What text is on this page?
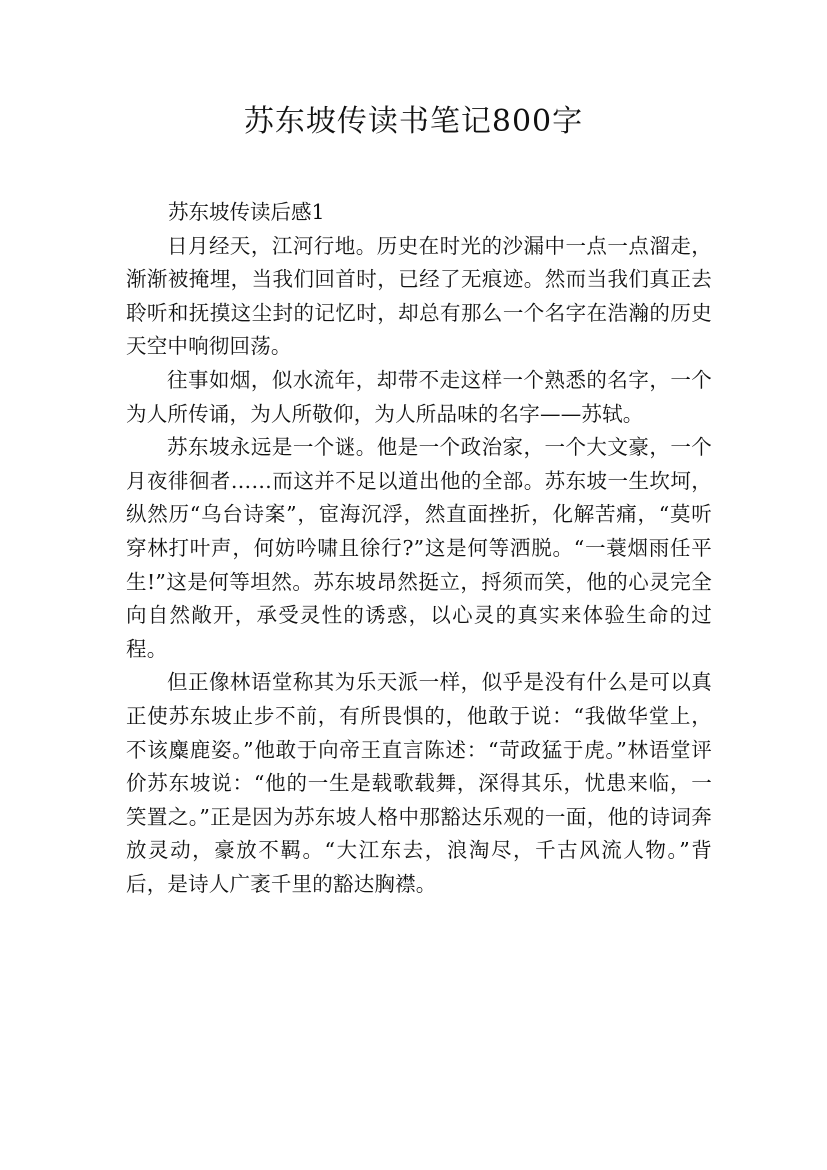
苏东坡传读书笔记800字

苏东坡传读后感1

日月经天，江河行地。历史在时光的沙漏中一点一点溜走，渐渐被掩埋，当我们回首时，已经了无痕迹。然而当我们真正去聆听和抚摸这尘封的记忆时，却总有那么一个名字在浩瀚的历史天空中响彻回荡。

往事如烟，似水流年，却带不走这样一个熟悉的名字，一个为人所传诵，为人所敬仰，为人所品味的名字——苏轼。

苏东坡永远是一个谜。他是一个政治家，一个大文豪，一个月夜徘徊者……而这并不足以道出他的全部。苏东坡一生坎坷，纵然历“乌台诗案”，宦海沉浮，然直面挫折，化解苦痛，“莫听穿林打叶声，何妨吟啸且徐行?”这是何等洒脱。“一蓑烟雨任平生!”这是何等坦然。苏东坡昂然挺立，捋须而笑，他的心灵完全向自然敞开，承受灵性的诱惑，以心灵的真实来体验生命的过程。

但正像林语堂称其为乐天派一样，似乎是没有什么是可以真正使苏东坡止步不前，有所畏惧的，他敢于说：“我做华堂上，不该麋鹿姿。”他敢于向帝王直言陈述：“苛政猛于虎。”林语堂评价苏东坡说：“他的一生是载歌载舞，深得其乐，忧患来临，一笑置之。”正是因为苏东坡人格中那豁达乐观的一面，他的诗词奔放灵动，豪放不羁。“大江东去，浪淘尽，千古风流人物。”背后，是诗人广袤千里的豁达胸襟。
